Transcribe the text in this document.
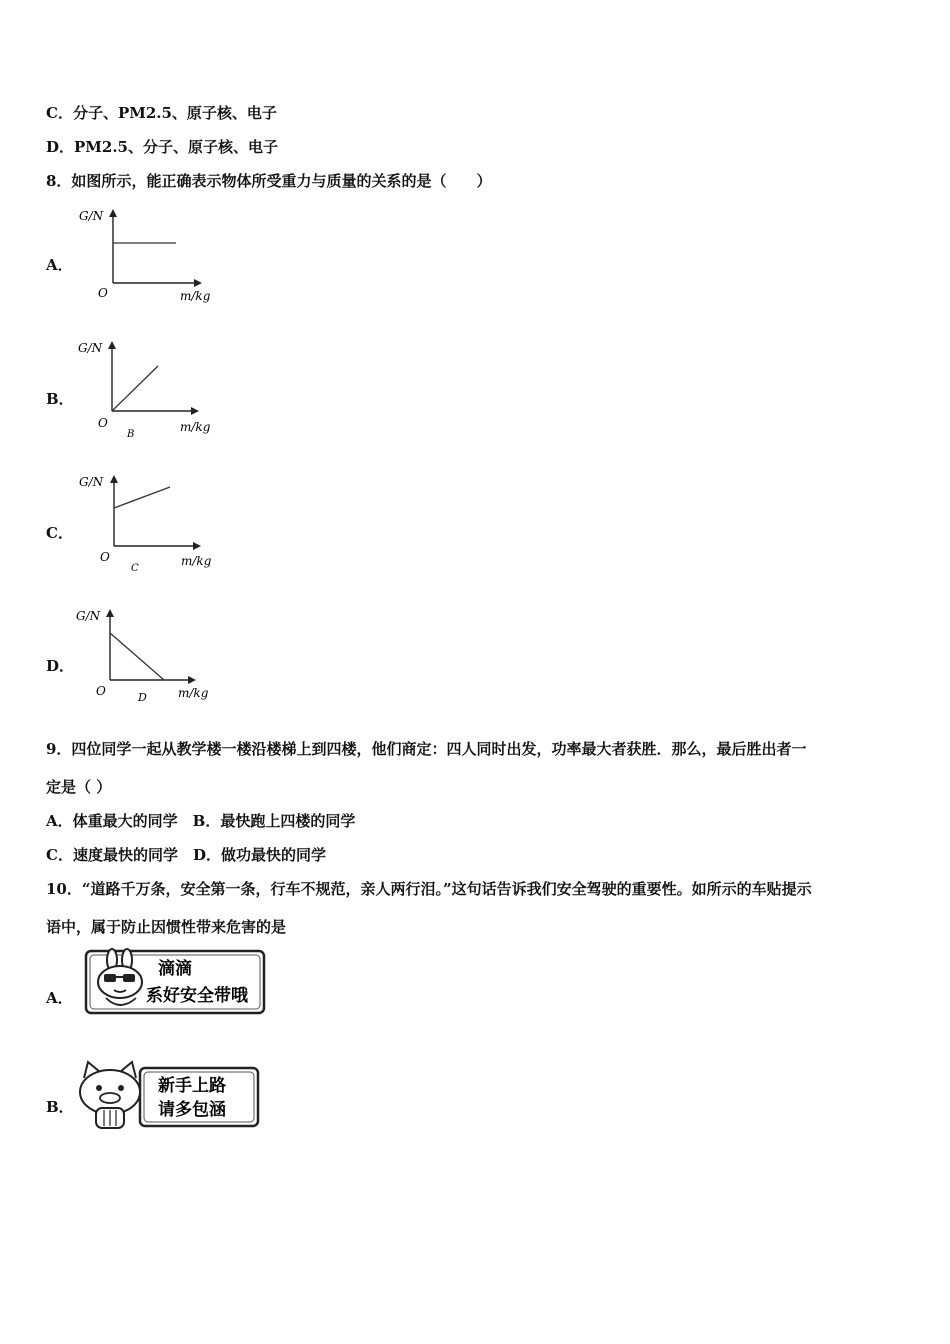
C．分子、PM2.5、原子核、电子
D．PM2.5、分子、原子核、电子
8．如图所示，能正确表示物体所受重力与质量的关系的是（　　）
A．
G/N
O	m/kg
B．
G/N
O
B
m/kg
C．
G/N
O
C
m/kg
D．
G/N
O	D	m/kg
9．四位同学一起从教学楼一楼沿楼梯上到四楼，他们商定：四人同时出发，功率最大者获胜．那么，最后胜出者一
定是（ ）
A．体重最大的同学　B．最快跑上四楼的同学
C．速度最快的同学　D．做功最快的同学
10．“道路千万条，安全第一条，行车不规范，亲人两行泪。”这句话告诉我们安全驾驶的重要性。如所示的车贴提示
语中，属于防止因惯性带来危害的是
A．
滴滴
系好安全带哦
B．
新手上路
请多包涵
